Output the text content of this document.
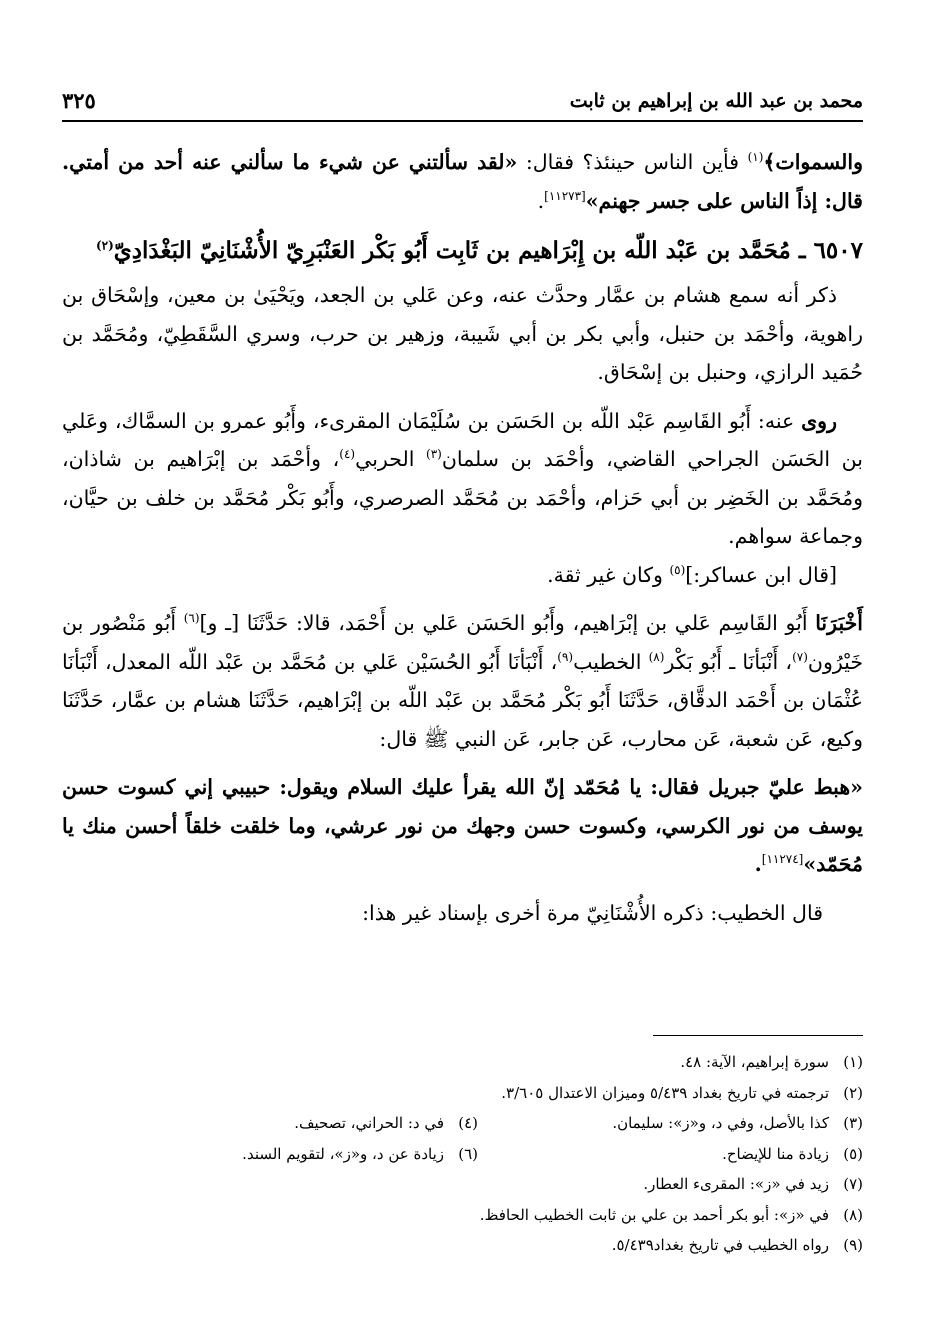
محمد بن عبد الله بن إبراهيم بن ثابت
٣٢٥

والسموات﴾$^{(١)}$ فأين الناس حينئذ؟ فقال: «لقد سألتني عن شيء ما سألني عنه أحد من أمتي. قال: إذاً الناس على جسر جهنم»[١١٢٧٣].

٦٥٠٧ ـ مُحَمَّد بن عَبْد اللّه بن إِبْرَاهيم بن ثَابِت أَبُو بَكْر العَنْبَرِيّ الأُشْنَانِيّ البَغْدَادِيّ$^{(٢)}$

ذكر أنه سمع هشام بن عمَّار وحدَّث عنه، وعن عَلي بن الجعد، ويَحْيَىٰ بن معين، وإسْحَاق بن راهوية، وأحْمَد بن حنبل، وأبي بكر بن أبي شَيبة، وزهير بن حرب، وسري السَّقَطِيّ، ومُحَمَّد بن حُمَيد الرازي، وحنبل بن إسْحَاق.

روى عنه: أَبُو القَاسِم عَبْد اللّه بن الحَسَن بن سُلَيْمَان المقرىء، وأَبُو عمرو بن السمَّاك، وعَلي بن الحَسَن الجراحي القاضي، وأحْمَد بن سلمان$^{(٣)}$ الحربي$^{(٤)}$، وأحْمَد بن إبْرَاهيم بن شاذان، ومُحَمَّد بن الخَضِر بن أبي حَزام، وأحْمَد بن مُحَمَّد الصرصري، وأَبُو بَكْر مُحَمَّد بن خلف بن حيَّان، وجماعة سواهم.

[قال ابن عساكر:]$^{(٥)}$ وكان غير ثقة.

أَخْبَرَنَا أَبُو القَاسِم عَلي بن إبْرَاهيم، وأَبُو الحَسَن عَلي بن أَحْمَد، قالا: حَدَّثَنَا [ـ و]$^{(٦)}$ أَبُو مَنْصُور بن خَيْرُون$^{(٧)}$، أَنْبَأنَا ـ أَبُو بَكْر$^{(٨)}$ الخطيب$^{(٩)}$، أَنْبَأنَا أَبُو الحُسَيْن عَلي بن مُحَمَّد بن عَبْد اللّه المعدل، أَنْبَأنَا عُثْمَان بن أَحْمَد الدقَّاق، حَدَّثَنَا أَبُو بَكْر مُحَمَّد بن عَبْد اللّه بن إبْرَاهيم، حَدَّثَنَا هشام بن عمَّار، حَدَّثَنَا وكيع، عَن شعبة، عَن محارب، عَن جابر، عَن النبي ﷺ قال:

«هبط عليّ جبريل فقال: يا مُحَمّد إنّ الله يقرأ عليك السلام ويقول: حبيبي إني كسوت حسن يوسف من نور الكرسي، وكسوت حسن وجهك من نور عرشي، وما خلقت خلقاً أحسن منك يا مُحَمّد»[١١٢٧٤].

قال الخطيب: ذكره الأُشْنَانِيّ مرة أخرى بإسناد غير هذا:

(١)
سورة إبراهيم، الآية: ٤٨.
(٢)
ترجمته في تاريخ بغداد ٥/٤٣٩ وميزان الاعتدال ٣/٦٠٥.
(٣)
كذا بالأصل، وفي د، و«ز»: سليمان.
(٤)
في د: الحراني، تصحيف.
(٥)
زيادة منا للإيضاح.
(٦)
زيادة عن د، و«ز»، لتقويم السند.
(٧)
زيد في «ز»: المقرىء العطار.
(٨)
في «ز»: أبو بكر أحمد بن علي بن ثابت الخطيب الحافظ.
(٩)
رواه الخطيب في تاريخ بغداد٥/٤٣٩.
